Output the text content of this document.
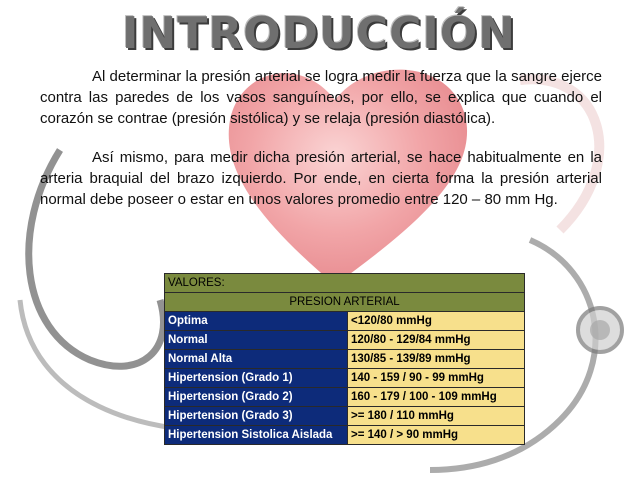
INTRODUCCIÓN

Al determinar la presión arterial se logra medir la fuerza que la sangre ejerce contra las paredes de los vasos sanguíneos, por ello, se explica que cuando el corazón se contrae (presión sistólica) y se relaja (presión diastólica).

Así mismo, para medir dicha presión arterial, se hace habitualmente en la arteria braquial del brazo izquierdo. Por ende, en cierta forma la presión arterial normal debe poseer o estar en unos valores promedio entre 120 – 80 mm Hg.

VALORES:	
PRESION ARTERIAL	
Optima	<120/80 mmHg
Normal	120/80 - 129/84 mmHg
Normal Alta	130/85 - 139/89 mmHg
Hipertension (Grado 1)	140 - 159 / 90 - 99 mmHg
Hipertension (Grado 2)	160 - 179 / 100 - 109 mmHg
Hipertension (Grado 3)	>= 180 / 110 mmHg
Hipertension Sistolica Aislada	>= 140 / > 90 mmHg
